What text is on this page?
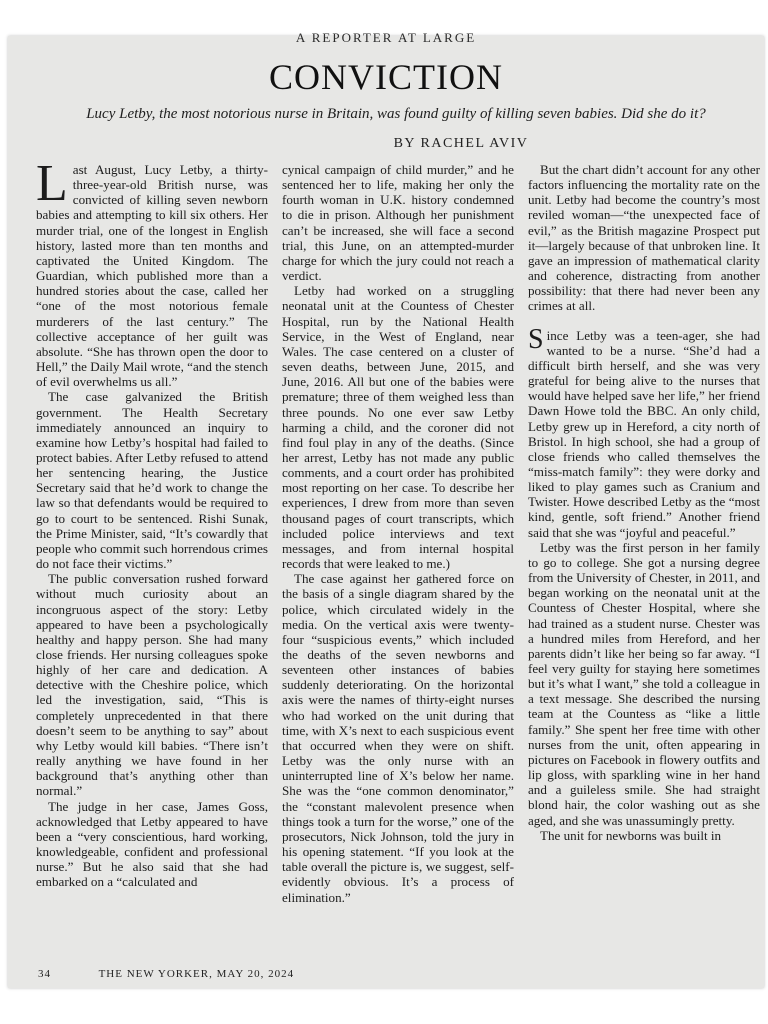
A REPORTER AT LARGE
CONVICTION
Lucy Letby, the most notorious nurse in Britain, was found guilty of killing seven babies. Did she do it?
BY RACHEL AVIV

Last August, Lucy Letby, a thirty-three-year-old British nurse, was convicted of killing seven newborn babies and attempting to kill six others. Her murder trial, one of the longest in English history, lasted more than ten months and captivated the United Kingdom. The Guardian, which published more than a hundred stories about the case, called her “one of the most notorious female murderers of the last century.” The collective acceptance of her guilt was absolute. “She has thrown open the door to Hell,” the Daily Mail wrote, “and the stench of evil overwhelms us all.”

The case galvanized the British government. The Health Secretary immediately announced an inquiry to examine how Letby’s hospital had failed to protect babies. After Letby refused to attend her sentencing hearing, the Justice Secretary said that he’d work to change the law so that defendants would be required to go to court to be sentenced. Rishi Sunak, the Prime Minister, said, “It’s cowardly that people who commit such horrendous crimes do not face their victims.”

The public conversation rushed forward without much curiosity about an incongruous aspect of the story: Letby appeared to have been a psychologically healthy and happy person. She had many close friends. Her nursing colleagues spoke highly of her care and dedication. A detective with the Cheshire police, which led the investigation, said, “This is completely unprecedented in that there doesn’t seem to be anything to say” about why Letby would kill babies. “There isn’t really anything we have found in her background that’s anything other than normal.”

The judge in her case, James Goss, acknowledged that Letby appeared to have been a “very conscientious, hard working, knowledgeable, confident and professional nurse.” But he also said that she had embarked on a “calculated and

cynical campaign of child murder,” and he sentenced her to life, making her only the fourth woman in U.K. history condemned to die in prison. Although her punishment can’t be increased, she will face a second trial, this June, on an attempted-murder charge for which the jury could not reach a verdict.

Letby had worked on a struggling neonatal unit at the Countess of Chester Hospital, run by the National Health Service, in the West of England, near Wales. The case centered on a cluster of seven deaths, between June, 2015, and June, 2016. All but one of the babies were premature; three of them weighed less than three pounds. No one ever saw Letby harming a child, and the coroner did not find foul play in any of the deaths. (Since her arrest, Letby has not made any public comments, and a court order has prohibited most reporting on her case. To describe her experiences, I drew from more than seven thousand pages of court transcripts, which included police interviews and text messages, and from internal hospital records that were leaked to me.)

The case against her gathered force on the basis of a single diagram shared by the police, which circulated widely in the media. On the vertical axis were twenty-four “suspicious events,” which included the deaths of the seven newborns and seventeen other instances of babies suddenly deteriorating. On the horizontal axis were the names of thirty-eight nurses who had worked on the unit during that time, with X’s next to each suspicious event that occurred when they were on shift. Letby was the only nurse with an uninterrupted line of X’s below her name. She was the “one common denominator,” the “constant malevolent presence when things took a turn for the worse,” one of the prosecutors, Nick Johnson, told the jury in his opening statement. “If you look at the table overall the picture is, we suggest, self-evidently obvious. It’s a process of elimination.”

But the chart didn’t account for any other factors influencing the mortality rate on the unit. Letby had become the country’s most reviled woman—“the unexpected face of evil,” as the British magazine Prospect put it—largely because of that unbroken line. It gave an impression of mathematical clarity and coherence, distracting from another possibility: that there had never been any crimes at all.

Since Letby was a teen-ager, she had wanted to be a nurse. “She’d had a difficult birth herself, and she was very grateful for being alive to the nurses that would have helped save her life,” her friend Dawn Howe told the BBC. An only child, Letby grew up in Hereford, a city north of Bristol. In high school, she had a group of close friends who called themselves the “miss-match family”: they were dorky and liked to play games such as Cranium and Twister. Howe described Letby as the “most kind, gentle, soft friend.” Another friend said that she was “joyful and peaceful.”

Letby was the first person in her family to go to college. She got a nursing degree from the University of Chester, in 2011, and began working on the neonatal unit at the Countess of Chester Hospital, where she had trained as a student nurse. Chester was a hundred miles from Hereford, and her parents didn’t like her being so far away. “I feel very guilty for staying here sometimes but it’s what I want,” she told a colleague in a text message. She described the nursing team at the Countess as “like a little family.” She spent her free time with other nurses from the unit, often appearing in pictures on Facebook in flowery outfits and lip gloss, with sparkling wine in her hand and a guileless smile. She had straight blond hair, the color washing out as she aged, and she was unassumingly pretty.

The unit for newborns was built in

34	THE NEW YORKER, MAY 20, 2024
